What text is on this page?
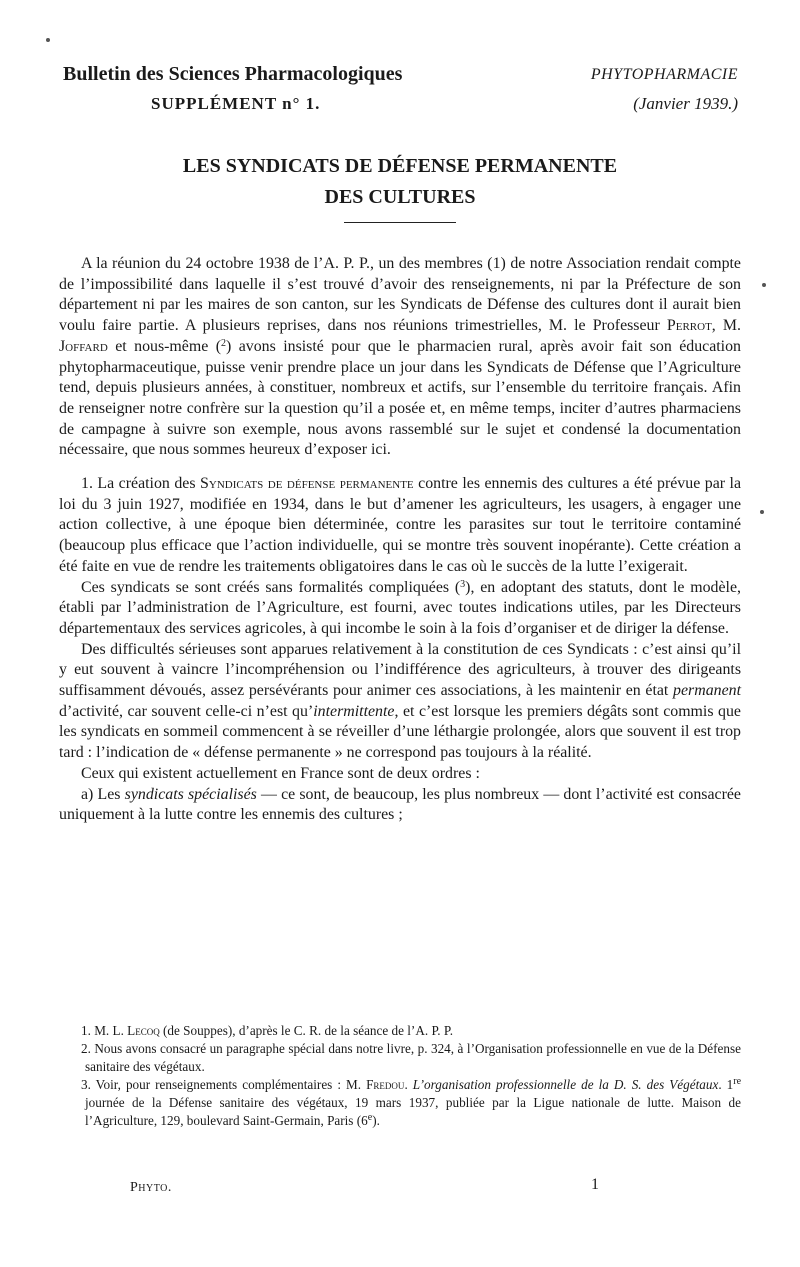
Bulletin des Sciences Pharmacologiques
SUPPLÉMENT n° 1.
PHYTOPHARMACIE
(Janvier 1939.)
LES SYNDICATS DE DÉFENSE PERMANENTE
DES CULTURES

A la réunion du 24 octobre 1938 de l’A. P. P., un des membres (1) de notre Association rendait compte de l’impossibilité dans laquelle il s’est trouvé d’avoir des renseignements, ni par la Préfecture de son département ni par les maires de son canton, sur les Syndicats de Défense des cultures dont il aurait bien voulu faire partie. A plusieurs reprises, dans nos réunions trimestrielles, M. le Professeur Perrot, M. Joffard et nous-même ($^2$) avons insisté pour que le pharmacien rural, après avoir fait son éducation phytopharmaceutique, puisse venir prendre place un jour dans les Syndicats de Défense que l’Agriculture tend, depuis plusieurs années, à constituer, nombreux et actifs, sur l’ensemble du territoire français. Afin de renseigner notre confrère sur la question qu’il a posée et, en même temps, inciter d’autres pharmaciens de campagne à suivre son exemple, nous avons rassemblé sur le sujet et condensé la documentation nécessaire, que nous sommes heureux d’exposer ici.

1. La création des Syndicats de défense permanente contre les ennemis des cultures a été prévue par la loi du 3 juin 1927, modifiée en 1934, dans le but d’amener les agriculteurs, les usagers, à engager une action collective, à une époque bien déterminée, contre les parasites sur tout le territoire contaminé (beaucoup plus efficace que l’action individuelle, qui se montre très souvent inopérante). Cette création a été faite en vue de rendre les traitements obligatoires dans le cas où le succès de la lutte l’exigerait.

Ces syndicats se sont créés sans formalités compliquées ($^3$), en adoptant des statuts, dont le modèle, établi par l’administration de l’Agriculture, est fourni, avec toutes indications utiles, par les Directeurs départementaux des services agricoles, à qui incombe le soin à la fois d’organiser et de diriger la défense.

Des difficultés sérieuses sont apparues relativement à la constitution de ces Syndicats : c’est ainsi qu’il y eut souvent à vaincre l’incompréhension ou l’indifférence des agriculteurs, à trouver des dirigeants suffisamment dévoués, assez persévérants pour animer ces associations, à les maintenir en état permanent d’activité, car souvent celle-ci n’est qu’intermittente, et c’est lorsque les premiers dégâts sont commis que les syndicats en sommeil commencent à se réveiller d’une léthargie prolongée, alors que souvent il est trop tard : l’indication de « défense permanente » ne correspond pas toujours à la réalité.

Ceux qui existent actuellement en France sont de deux ordres :

a) Les syndicats spécialisés — ce sont, de beaucoup, les plus nombreux — dont l’activité est consacrée uniquement à la lutte contre les ennemis des cultures ;

1. M. L. Lecoq (de Souppes), d’après le C. R. de la séance de l’A. P. P.

2. Nous avons consacré un paragraphe spécial dans notre livre, p. 324, à l’Organisation professionnelle en vue de la Défense sanitaire des végétaux.

3. Voir, pour renseignements complémentaires : M. Fredou. L’organisation professionnelle de la D. S. des Végétaux. 1re journée de la Défense sanitaire des végétaux, 19 mars 1937, publiée par la Ligue nationale de lutte. Maison de l’Agriculture, 129, boulevard Saint-Germain, Paris (6e).

Phyto.	1
